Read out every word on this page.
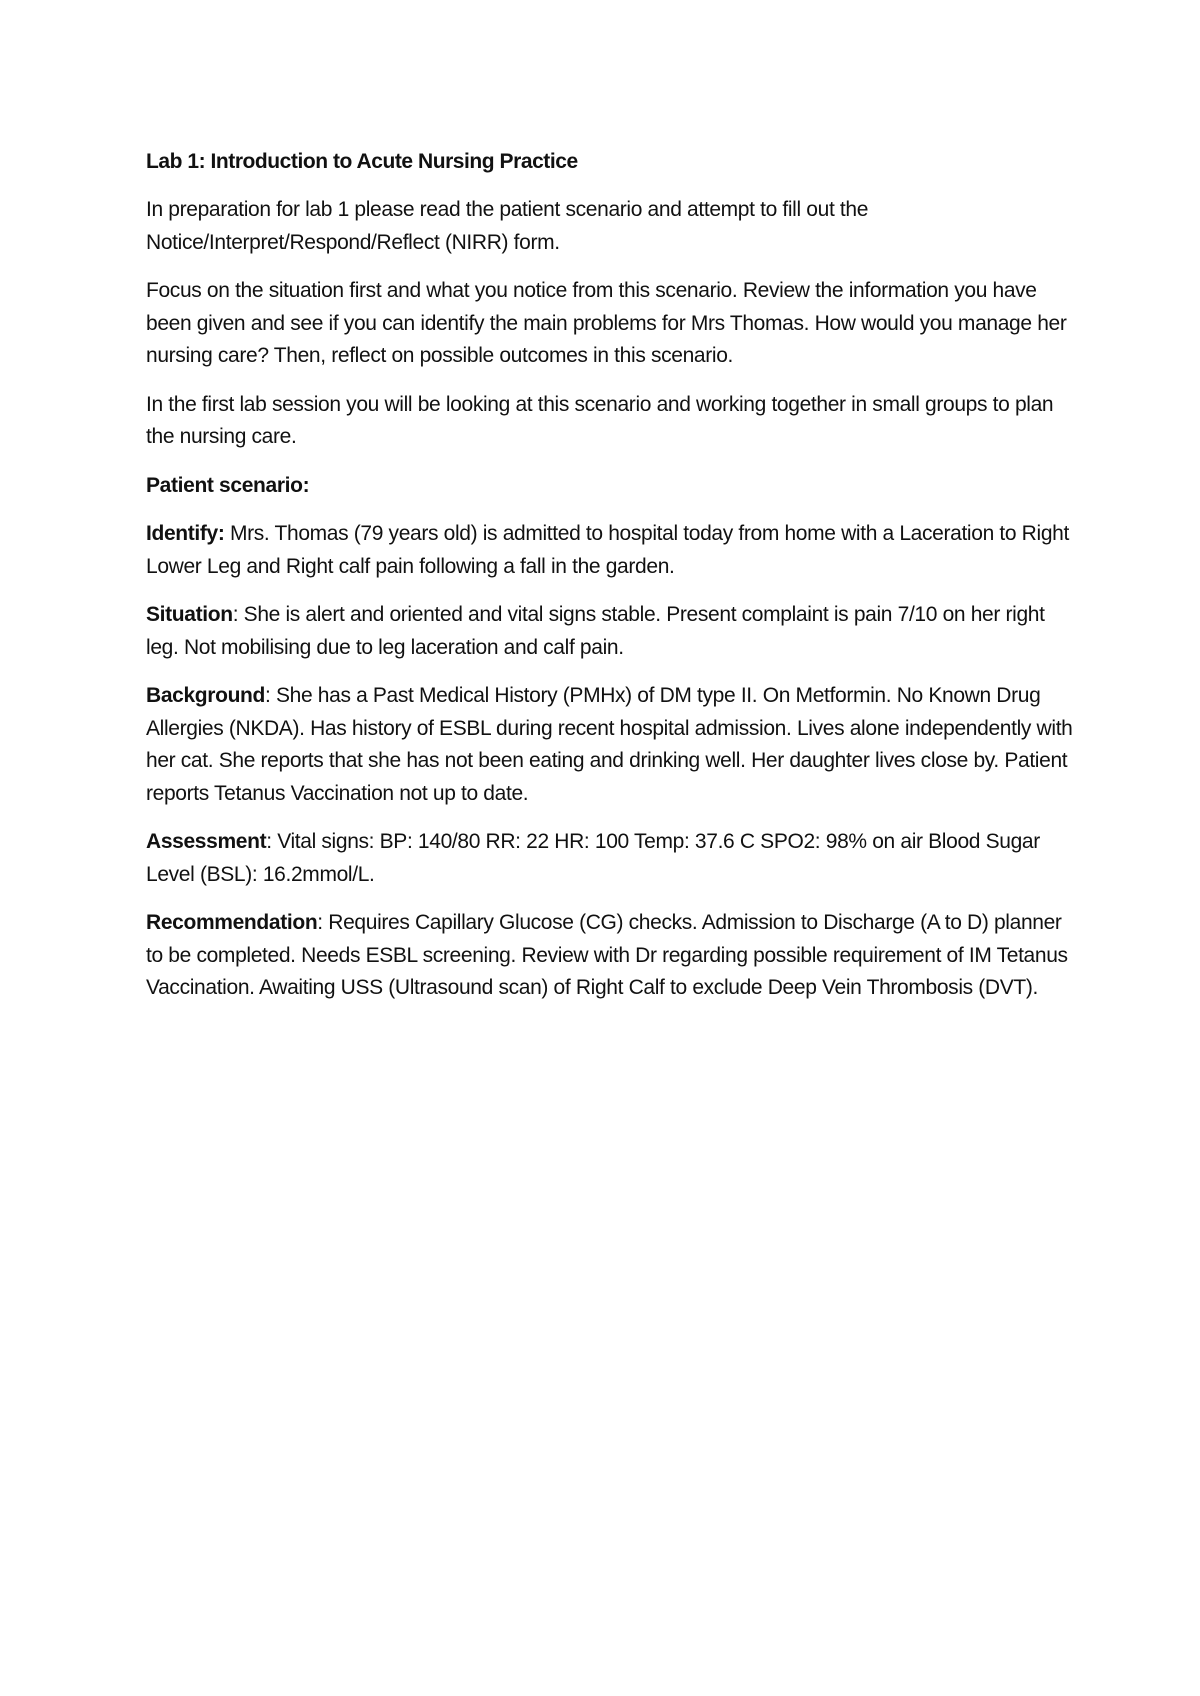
Lab 1: Introduction to Acute Nursing Practice

In preparation for lab 1 please read the patient scenario and attempt to fill out the Notice/Interpret/Respond/Reflect (NIRR) form.

Focus on the situation first and what you notice from this scenario. Review the information you have been given and see if you can identify the main problems for Mrs Thomas. How would you manage her nursing care? Then, reflect on possible outcomes in this scenario.

In the first lab session you will be looking at this scenario and working together in small groups to plan the nursing care.

Patient scenario:

Identify: Mrs. Thomas (79 years old) is admitted to hospital today from home with a Laceration to Right Lower Leg and Right calf pain following a fall in the garden.

Situation: She is alert and oriented and vital signs stable. Present complaint is pain 7/10 on her right leg. Not mobilising due to leg laceration and calf pain.

Background: She has a Past Medical History (PMHx) of DM type II. On Metformin. No Known Drug Allergies (NKDA). Has history of ESBL during recent hospital admission. Lives alone independently with her cat. She reports that she has not been eating and drinking well. Her daughter lives close by. Patient reports Tetanus Vaccination not up to date.

Assessment: Vital signs: BP: 140/80 RR: 22 HR: 100 Temp: 37.6 C SPO2: 98% on air Blood Sugar Level (BSL): 16.2mmol/L.

Recommendation: Requires Capillary Glucose (CG) checks. Admission to Discharge (A to D) planner to be completed. Needs ESBL screening. Review with Dr regarding possible requirement of IM Tetanus Vaccination. Awaiting USS (Ultrasound scan) of Right Calf to exclude Deep Vein Thrombosis (DVT).
